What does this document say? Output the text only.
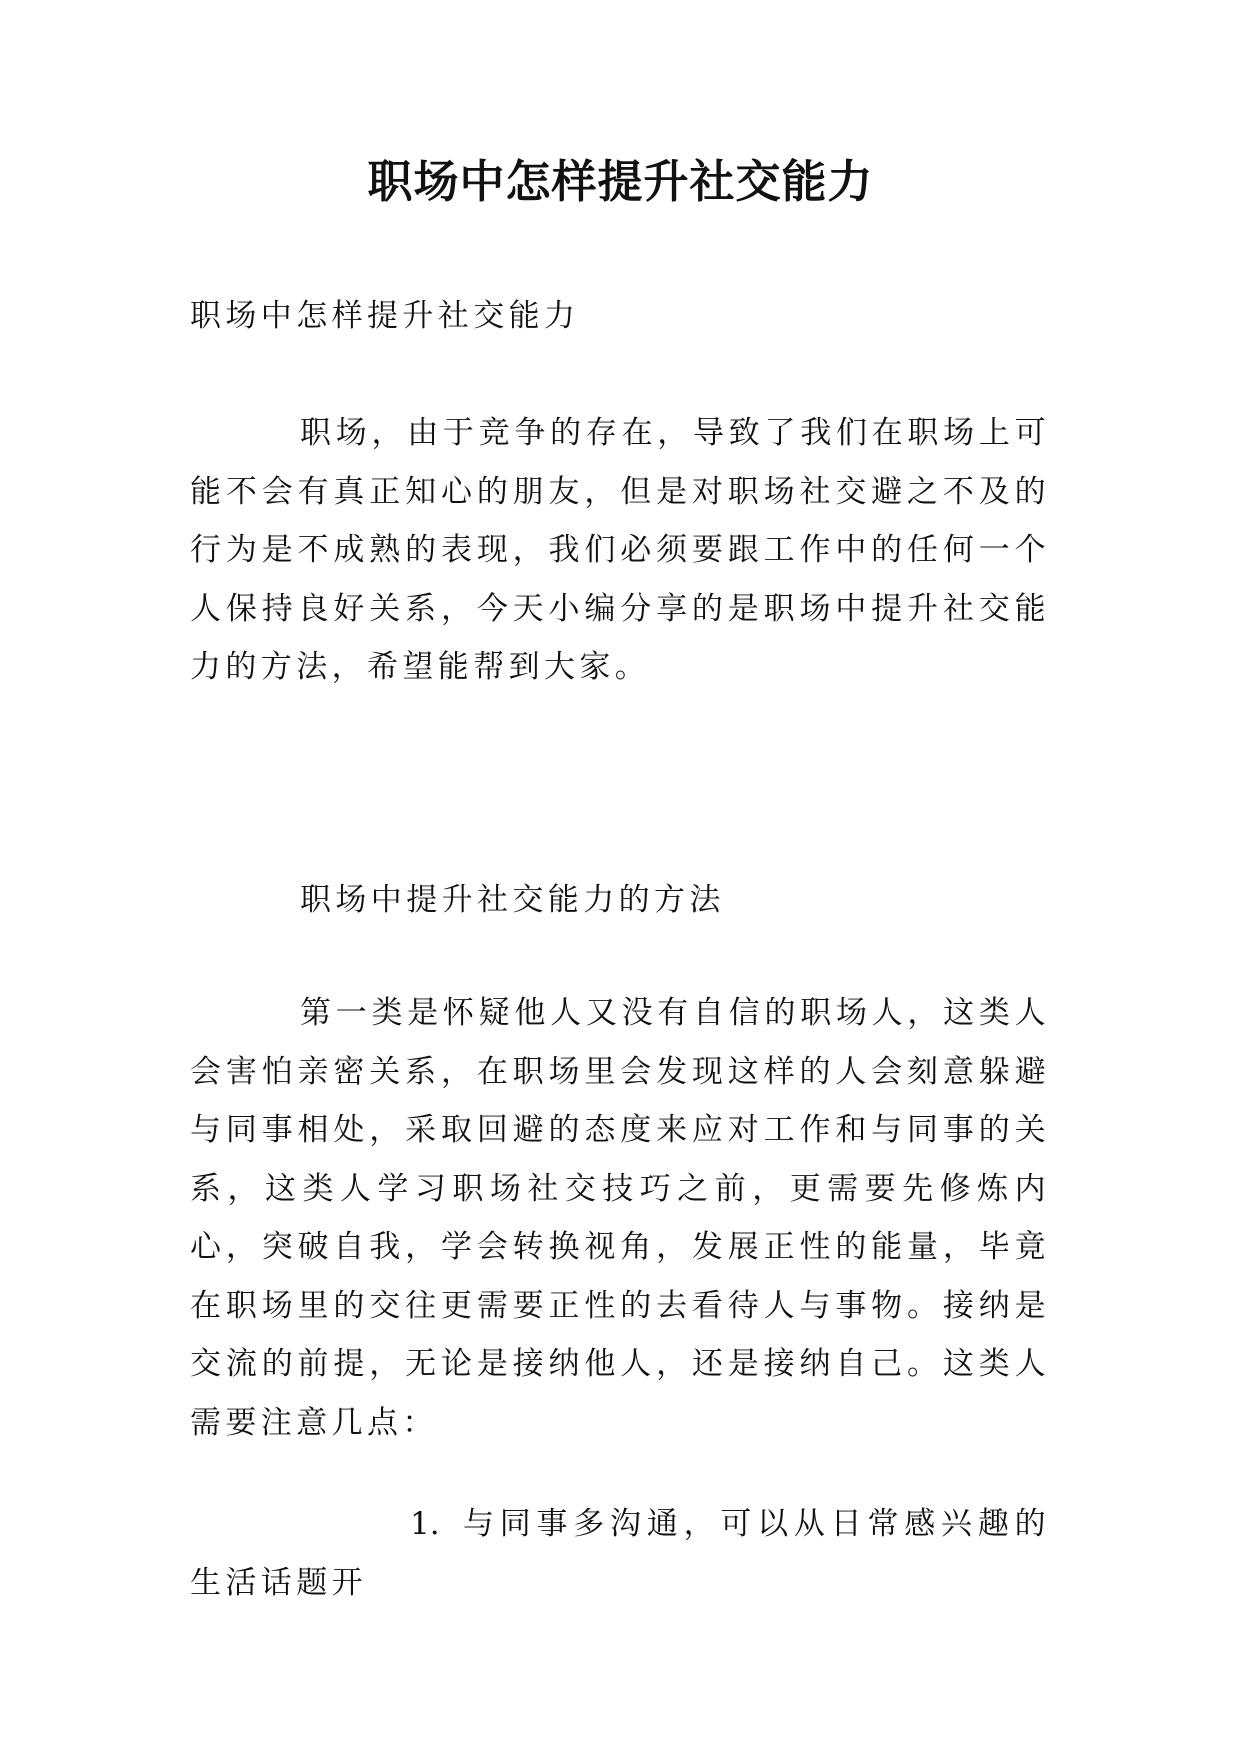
职场中怎样提升社交能力

职场中怎样提升社交能力

职场，由于竞争的存在，导致了我们在职场上可能不会有真正知心的朋友，但是对职场社交避之不及的行为是不成熟的表现，我们必须要跟工作中的任何一个人保持良好关系，今天小编分享的是职场中提升社交能力的方法，希望能帮到大家。

职场中提升社交能力的方法

第一类是怀疑他人又没有自信的职场人，这类人会害怕亲密关系，在职场里会发现这样的人会刻意躲避与同事相处，采取回避的态度来应对工作和与同事的关系，这类人学习职场社交技巧之前，更需要先修炼内心，突破自我，学会转换视角，发展正性的能量，毕竟在职场里的交往更需要正性的去看待人与事物。接纳是交流的前提，无论是接纳他人，还是接纳自己。这类人需要注意几点：

1. 与同事多沟通，可以从日常感兴趣的生活话题开
